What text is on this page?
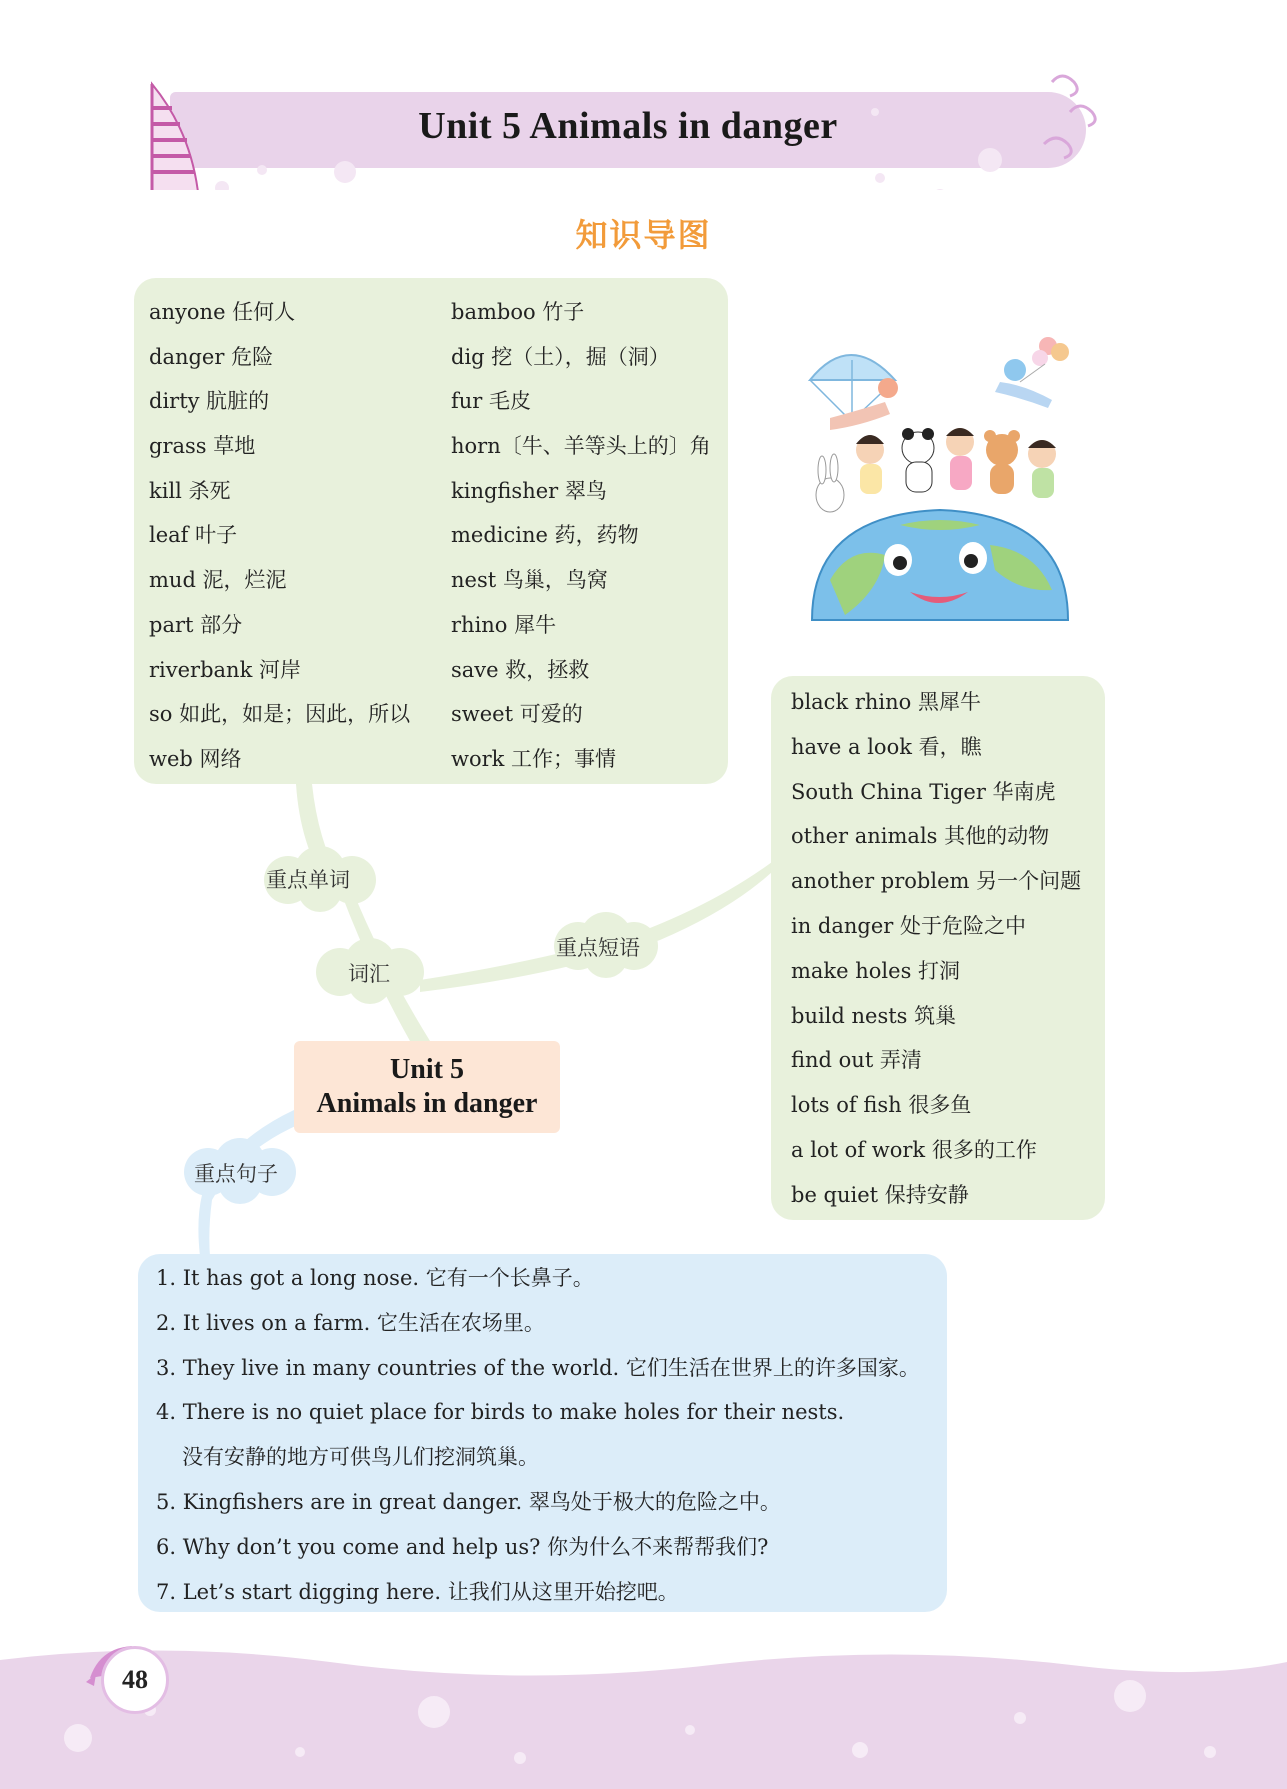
Unit 5 Animals in danger
知识导图
anyone 任何人
danger 危险
dirty 肮脏的
grass 草地
kill 杀死
leaf 叶子
mud 泥，烂泥
part 部分
riverbank 河岸
so 如此，如是；因此，所以
web 网络
bamboo 竹子
dig 挖（土），掘（洞）
fur 毛皮
horn〔牛、羊等头上的〕角
kingfisher 翠鸟
medicine 药，药物
nest 鸟巢，鸟窝
rhino 犀牛
save 救，拯救
sweet 可爱的
work 工作；事情
black rhino 黑犀牛
have a look 看，瞧
South China Tiger 华南虎
other animals 其他的动物
another problem 另一个问题
in danger 处于危险之中
make holes 打洞
build nests 筑巢
find out 弄清
lots of fish 很多鱼
a lot of work 很多的工作
be quiet 保持安静
重点单词
词汇
重点短语
重点句子
Unit 5
Animals in danger
1. It has got a long nose. 它有一个长鼻子。
2. It lives on a farm. 它生活在农场里。
3. They live in many countries of the world. 它们生活在世界上的许多国家。
4. There is no quiet place for birds to make holes for their nests.
没有安静的地方可供鸟儿们挖洞筑巢。
5. Kingfishers are in great danger. 翠鸟处于极大的危险之中。
6. Why don’t you come and help us? 你为什么不来帮帮我们?
7. Let’s start digging here. 让我们从这里开始挖吧。
48
